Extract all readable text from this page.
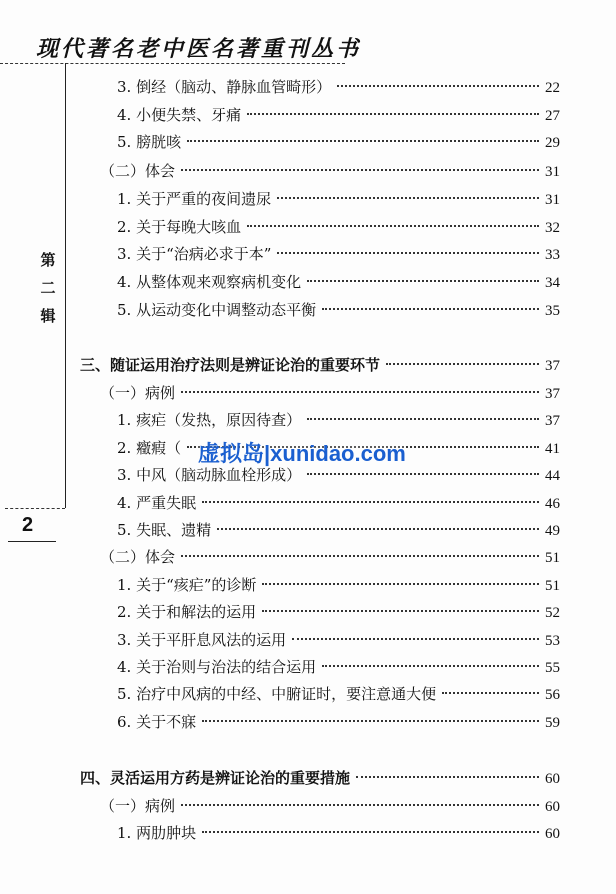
现代著名老中医名著重刊丛书
第
二
辑
2
3. 倒经（脑动、静脉血管畸形）	22
4. 小便失禁、牙痛	27
5. 膀胱咳	29
（二）体会	31
1. 关于严重的夜间遗尿	31
2. 关于每晚大咳血	32
3. 关于“治病必求于本”	33
4. 从整体观来观察病机变化	34
5. 从运动变化中调整动态平衡	35
三、随证运用治疗法则是辨证论治的重要环节	37
（一）病例	37
1. 痎疟（发热，原因待查）	37
2. 癥瘕（	41
3. 中风（脑动脉血栓形成）	44
4. 严重失眠	46
5. 失眠、遗精	49
（二）体会	51
1. 关于“痎疟”的诊断	51
2. 关于和解法的运用	52
3. 关于平肝息风法的运用	53
4. 关于治则与治法的结合运用	55
5. 治疗中风病的中经、中腑证时，要注意通大便	56
6. 关于不寐	59
四、灵活运用方药是辨证论治的重要措施	60
（一）病例	60
1. 两肋肿块	60
虚拟岛|xunidao.com
